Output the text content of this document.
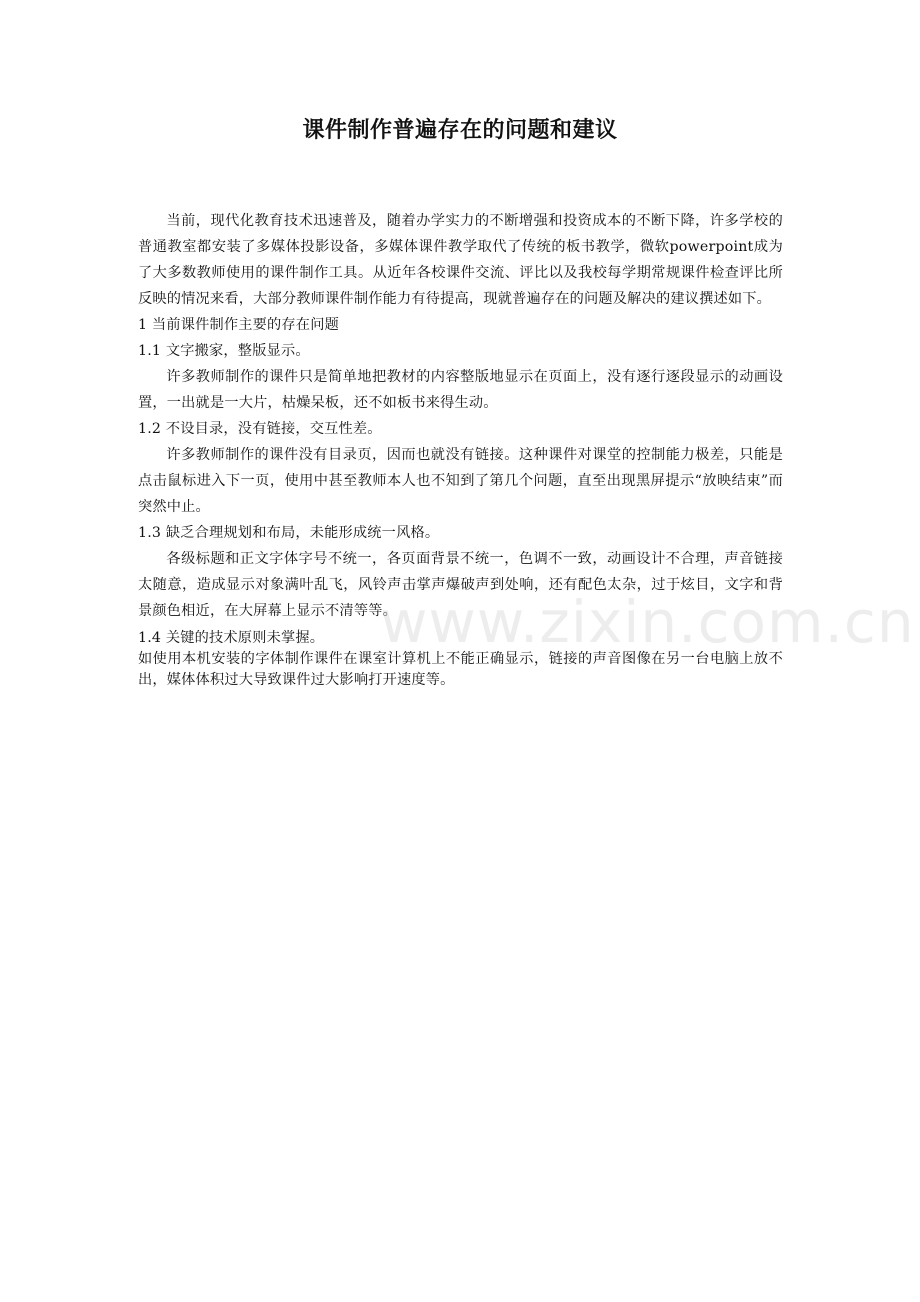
课件制作普遍存在的问题和建议

当前，现代化教育技术迅速普及，随着办学实力的不断增强和投资成本的不断下降，许多学校的普通教室都安装了多媒体投影设备，多媒体课件教学取代了传统的板书教学，微软powerpoint成为了大多数教师使用的课件制作工具。从近年各校课件交流、评比以及我校每学期常规课件检查评比所反映的情况来看，大部分教师课件制作能力有待提高，现就普遍存在的问题及解决的建议撰述如下。

1 当前课件制作主要的存在问题

1.1 文字搬家，整版显示。

许多教师制作的课件只是简单地把教材的内容整版地显示在页面上，没有逐行逐段显示的动画设置，一出就是一大片，枯燥呆板，还不如板书来得生动。

1.2 不设目录，没有链接，交互性差。

许多教师制作的课件没有目录页，因而也就没有链接。这种课件对课堂的控制能力极差，只能是点击鼠标进入下一页，使用中甚至教师本人也不知到了第几个问题，直至出现黑屏提示“放映结束”而突然中止。

1.3 缺乏合理规划和布局，未能形成统一风格。

各级标题和正文字体字号不统一，各页面背景不统一，色调不一致，动画设计不合理，声音链接太随意，造成显示对象满叶乱飞，风铃声击掌声爆破声到处响，还有配色太杂，过于炫目，文字和背景颜色相近，在大屏幕上显示不清等等。

1.4 关键的技术原则未掌握。

如使用本机安装的字体制作课件在课室计算机上不能正确显示，链接的声音图像在另一台电脑上放不出，媒体体积过大导致课件过大影响打开速度等。

www.zixin.com.cn
